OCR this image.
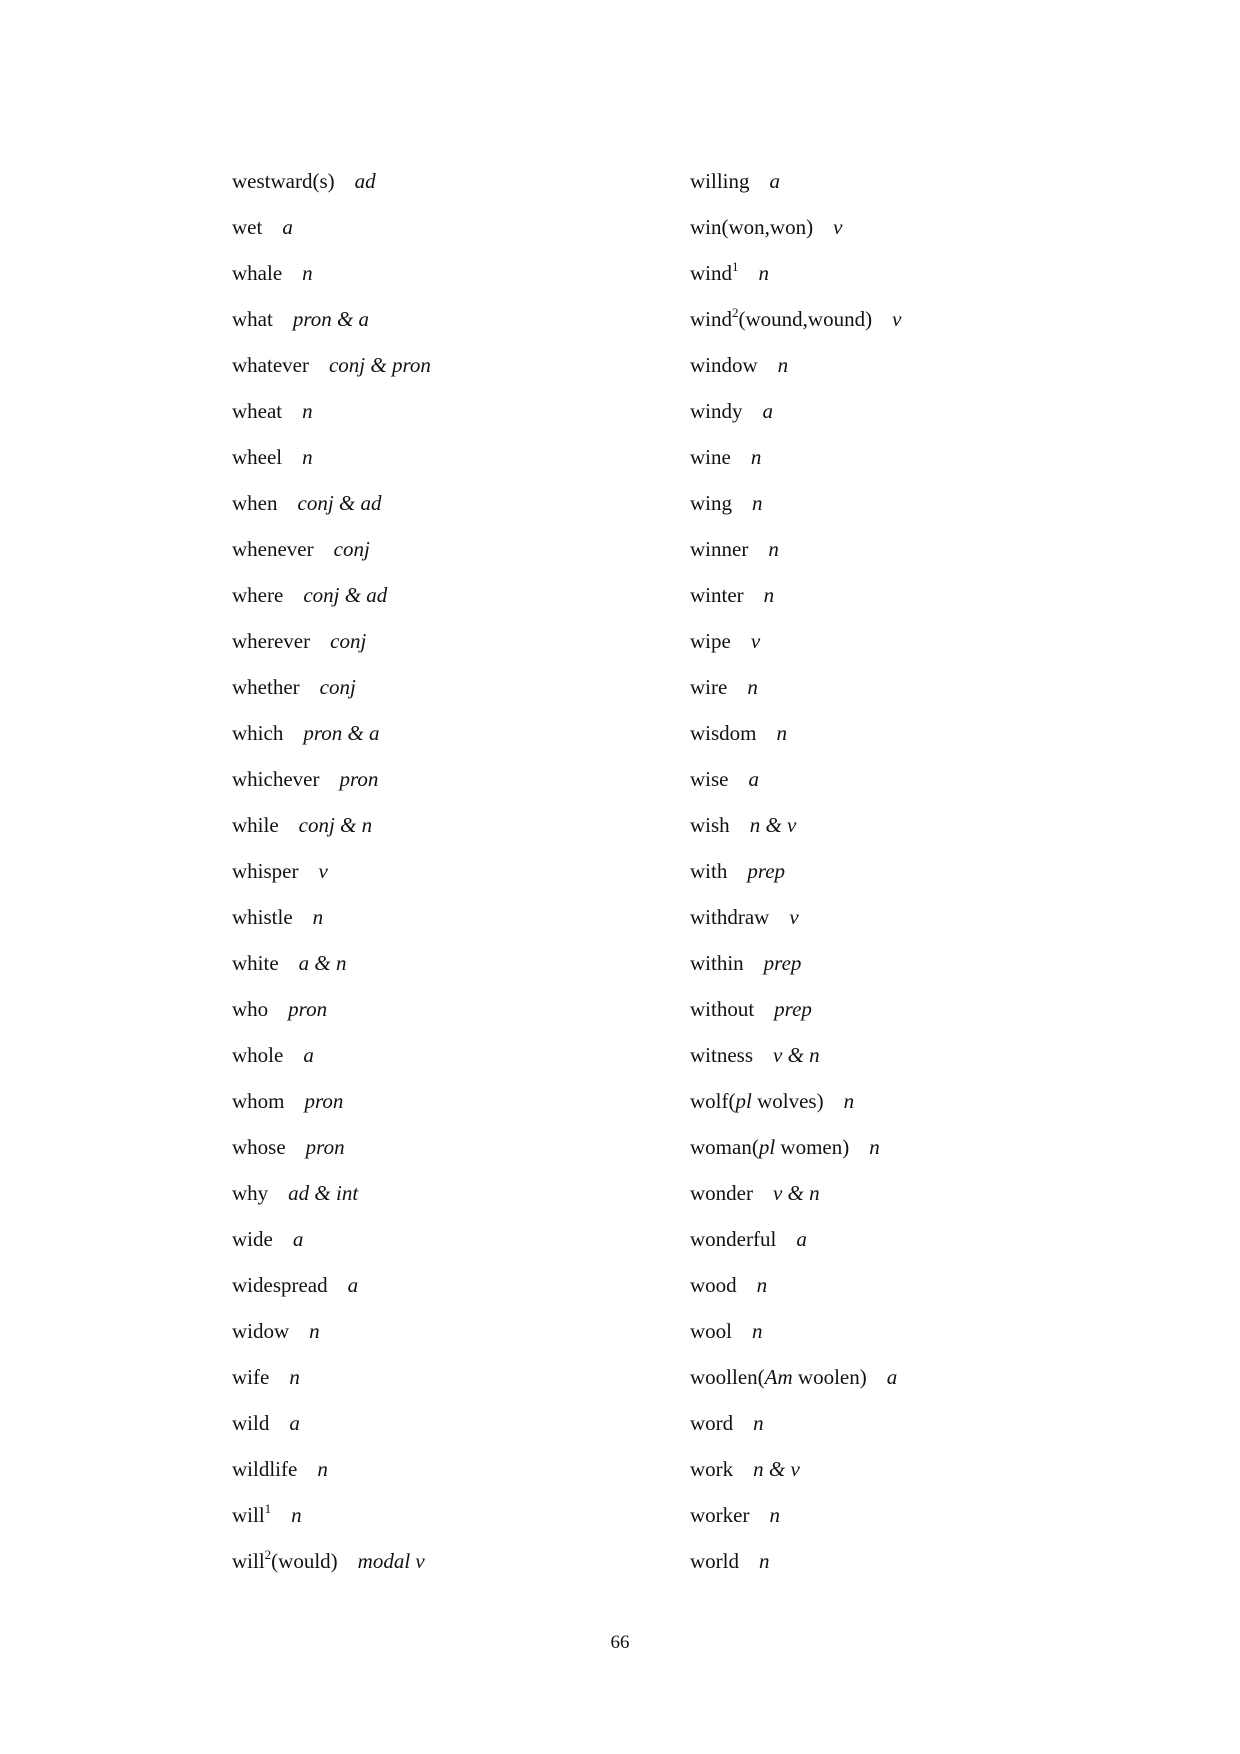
westward(s) ad
wet a
whale n
what pron & a
whatever conj & pron
wheat n
wheel n
when conj & ad
whenever conj
where conj & ad
wherever conj
whether conj
which pron & a
whichever pron
while conj & n
whisper v
whistle n
white a & n
who pron
whole a
whom pron
whose pron
why ad & int
wide a
widespread a
widow n
wife n
wild a
wildlife n
will$^1$ n
will$^2$(would) modal v
willing a
win(won,won) v
wind$^1$ n
wind$^2$(wound,wound) v
window n
windy a
wine n
wing n
winner n
winter n
wipe v
wire n
wisdom n
wise a
wish n & v
with prep
withdraw v
within prep
without prep
witness v & n
wolf(pl wolves) n
woman(pl women) n
wonder v & n
wonderful a
wood n
wool n
woollen(Am woolen) a
word n
work n & v
worker n
world n
66
